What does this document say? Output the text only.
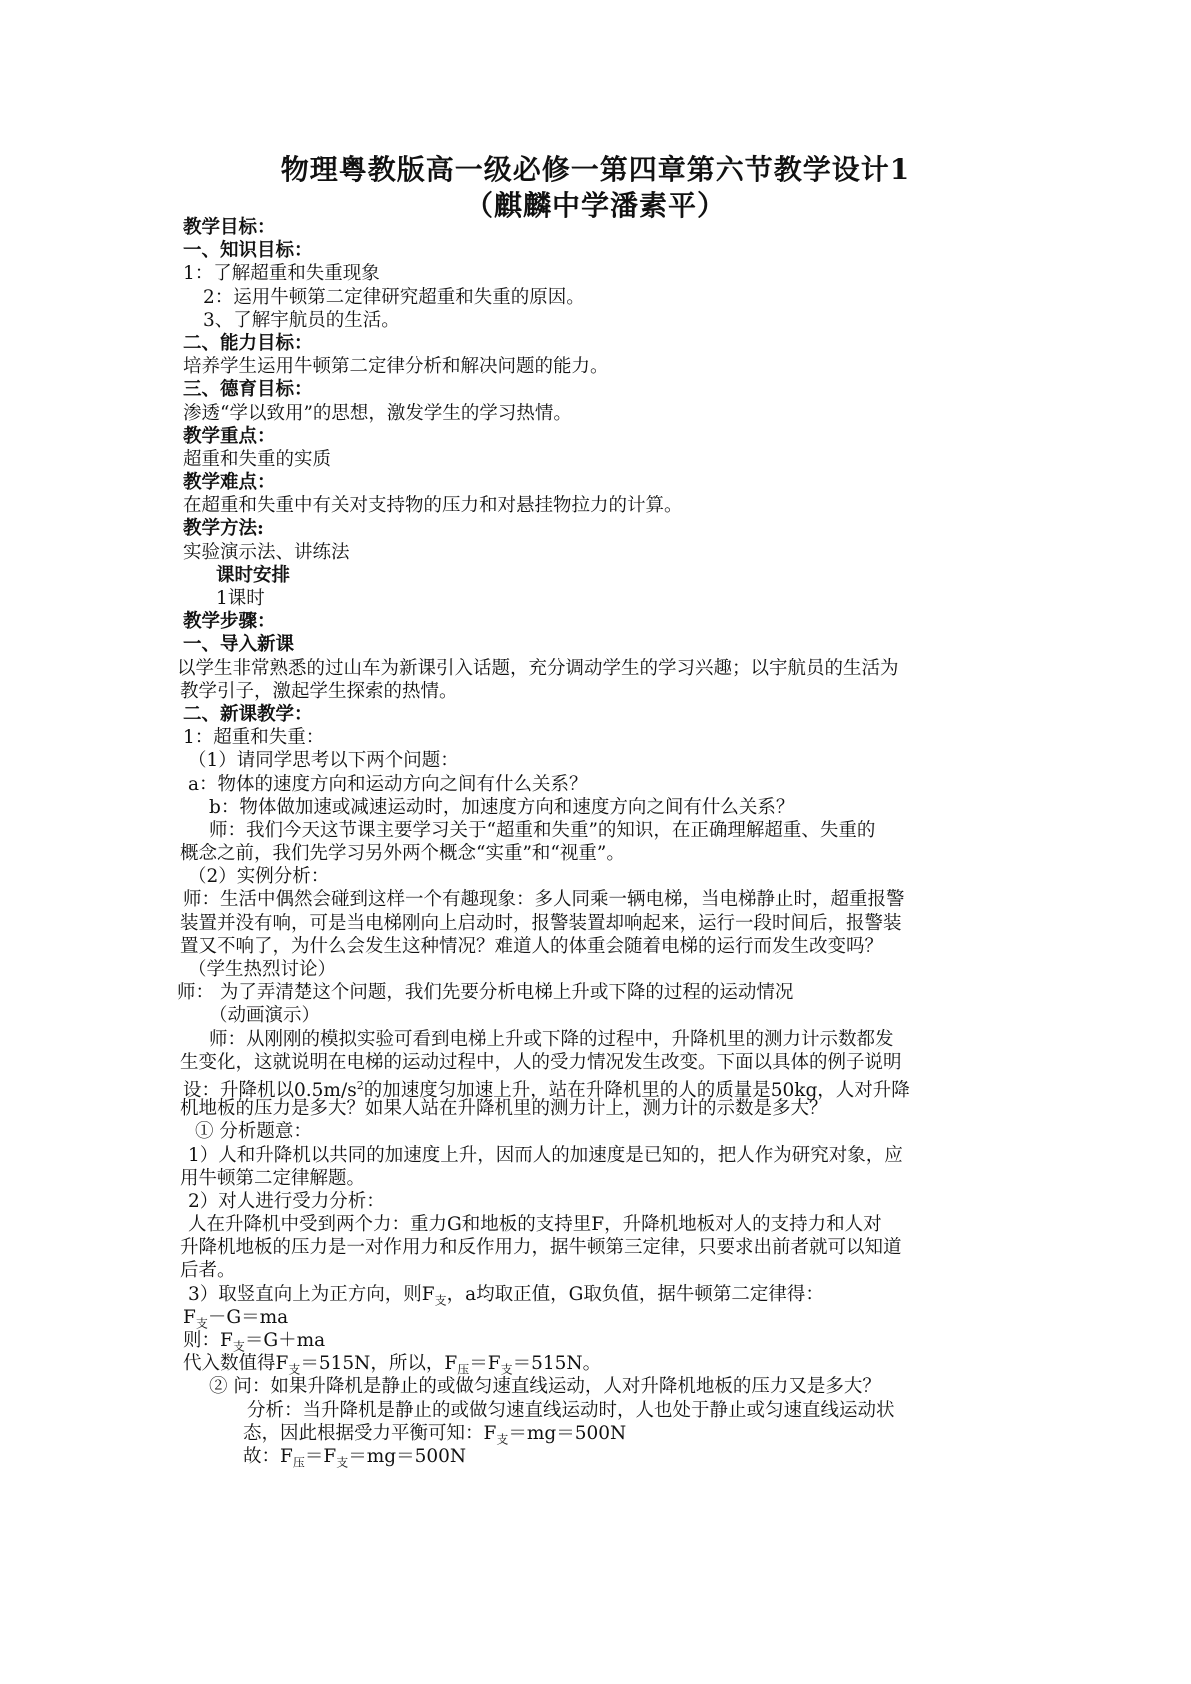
物理粤教版高一级必修一第四章第六节教学设计1
（麒麟中学潘素平）
教学目标：
一、知识目标：
1：了解超重和失重现象
2：运用牛顿第二定律研究超重和失重的原因。
3、了解宇航员的生活。
二、能力目标：
培养学生运用牛顿第二定律分析和解决问题的能力。
三、德育目标：
渗透“学以致用”的思想，激发学生的学习热情。
教学重点：
超重和失重的实质
教学难点：
在超重和失重中有关对支持物的压力和对悬挂物拉力的计算。
教学方法:
实验演示法、讲练法
课时安排
1课时
教学步骤：
一、导入新课
以学生非常熟悉的过山车为新课引入话题，充分调动学生的学习兴趣；以宇航员的生活为
教学引子，激起学生探索的热情。
二、新课教学：
1：超重和失重：
（1）请同学思考以下两个问题：
a：物体的速度方向和运动方向之间有什么关系？
b：物体做加速或减速运动时，加速度方向和速度方向之间有什么关系？
师：我们今天这节课主要学习关于“超重和失重”的知识，在正确理解超重、失重的
概念之前，我们先学习另外两个概念“实重”和“视重”。
（2）实例分析：
师：生活中偶然会碰到这样一个有趣现象：多人同乘一辆电梯，当电梯静止时，超重报警
装置并没有响，可是当电梯刚向上启动时，报警装置却响起来，运行一段时间后，报警装
置又不响了，为什么会发生这种情况？难道人的体重会随着电梯的运行而发生改变吗？
（学生热烈讨论）
师： 为了弄清楚这个问题，我们先要分析电梯上升或下降的过程的运动情况
（动画演示）
师：从刚刚的模拟实验可看到电梯上升或下降的过程中，升降机里的测力计示数都发
生变化，这就说明在电梯的运动过程中，人的受力情况发生改变。下面以具体的例子说明
设：升降机以$0.5m/s^2$的加速度匀加速上升，站在升降机里的人的质量是50kg，人对升降
机地板的压力是多大？如果人站在升降机里的测力计上，测力计的示数是多大？
① 分析题意：
1）人和升降机以共同的加速度上升，因而人的加速度是已知的，把人作为研究对象，应
用牛顿第二定律解题。
2）对人进行受力分析：
人在升降机中受到两个力：重力G和地板的支持里F，升降机地板对人的支持力和人对
升降机地板的压力是一对作用力和反作用力，据牛顿第三定律，只要求出前者就可以知道
后者。
3）取竖直向上为正方向，则$F_支$，a均取正值，G取负值，据牛顿第二定律得：
$F_支-G=ma$
则：$F_支=G+ma$
代入数值得$F_支=515N$，所以，$F_压=F_支=515N$。
② 问：如果升降机是静止的或做匀速直线运动，人对升降机地板的压力又是多大？
分析：当升降机是静止的或做匀速直线运动时，人也处于静止或匀速直线运动状
态，因此根据受力平衡可知：$F_支=mg=500N$
故：$F_压=F_支=mg=500N$
